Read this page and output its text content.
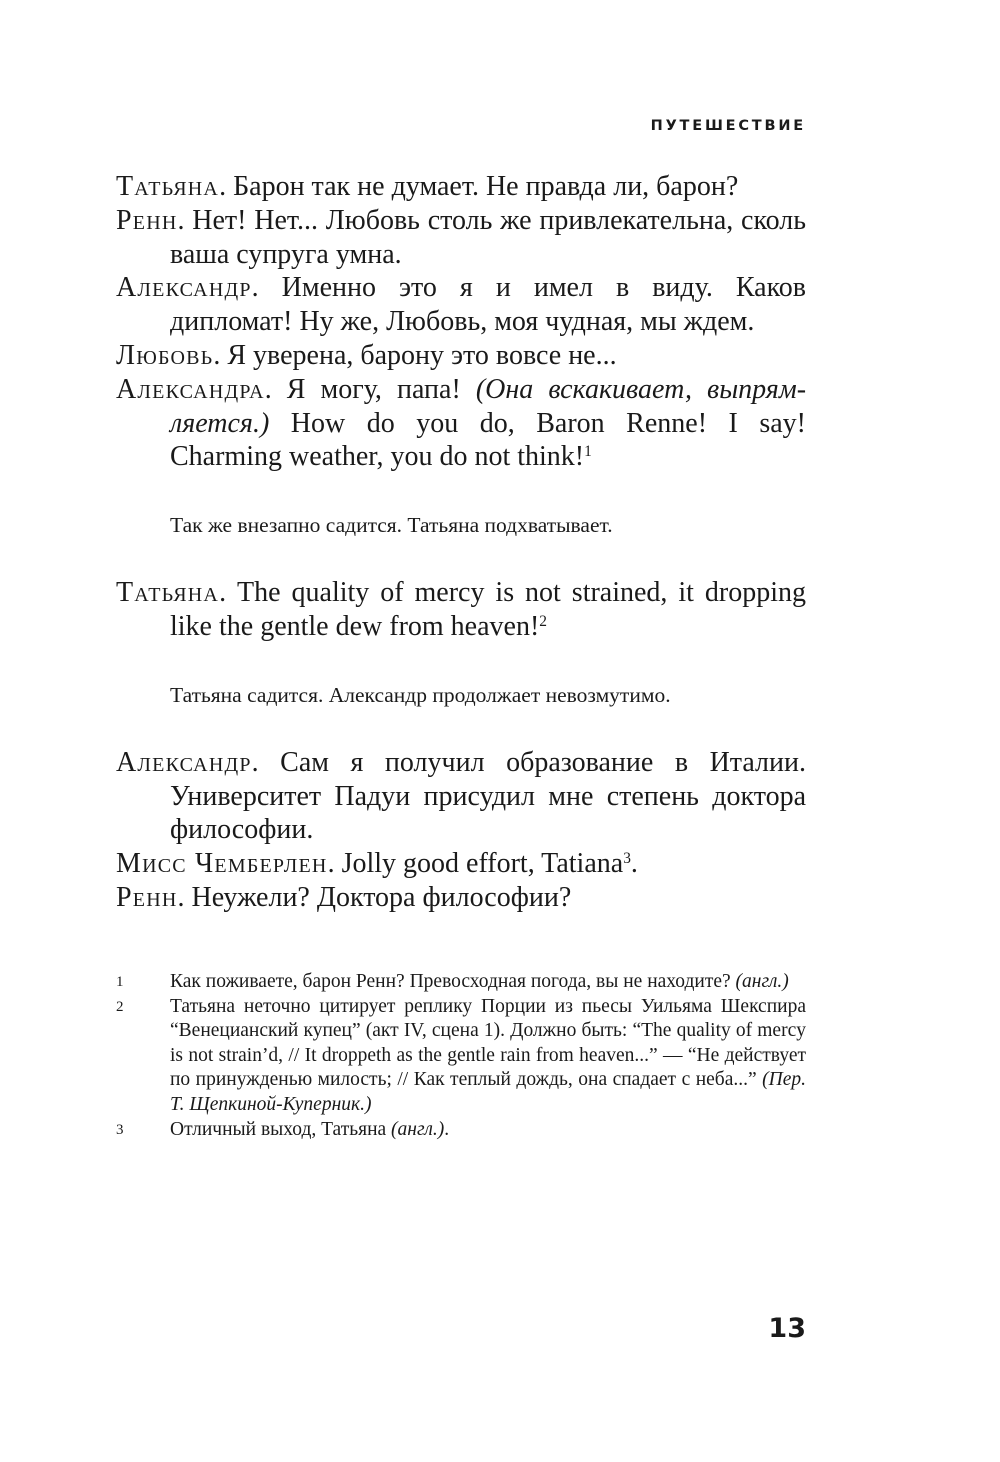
ПУТЕШЕСТВИЕ

Татьяна. Барон так не думает. Не правда ли, барон?

Ренн. Нет! Нет... Любовь столь же привлекательна, сколь ваша супруга умна.

Александр. Именно это я и имел в виду. Каков дипломат! Ну же, Любовь, моя чудная, мы ждем.

Любовь. Я уверена, барону это вовсе не...

Александра. Я могу, папа! (Она вскакивает, выпрямляется.) How do you do, Baron Renne! I say! Charming weather, you do not think!$^1$

Так же внезапно садится. Татьяна подхватывает.

Татьяна. The quality of mercy is not strained, it dropping like the gentle dew from heaven!$^2$

Татьяна садится. Александр продолжает невозмутимо.

Александр. Сам я получил образование в Италии. Университет Падуи присудил мне степень доктора философии.

Мисс Чемберлен. Jolly good effort, Tatiana$^3$.

Ренн. Неужели? Доктора философии?

1	Как поживаете, барон Ренн? Превосходная погода, вы не находите? (англ.)
2	Татьяна неточно цитирует реплику Порции из пьесы Уильяма Шекспира “Венецианский купец” (акт IV, сцена 1). Должно быть: “The quality of mercy is not strain’d, // It droppeth as the gentle rain from heaven...” — “Не действует по принужденью милость; // Как теплый дождь, она спадает с неба...” (Пер. Т. Щепкиной-Куперник.)
3	Отличный выход, Татьяна (англ.).
13
